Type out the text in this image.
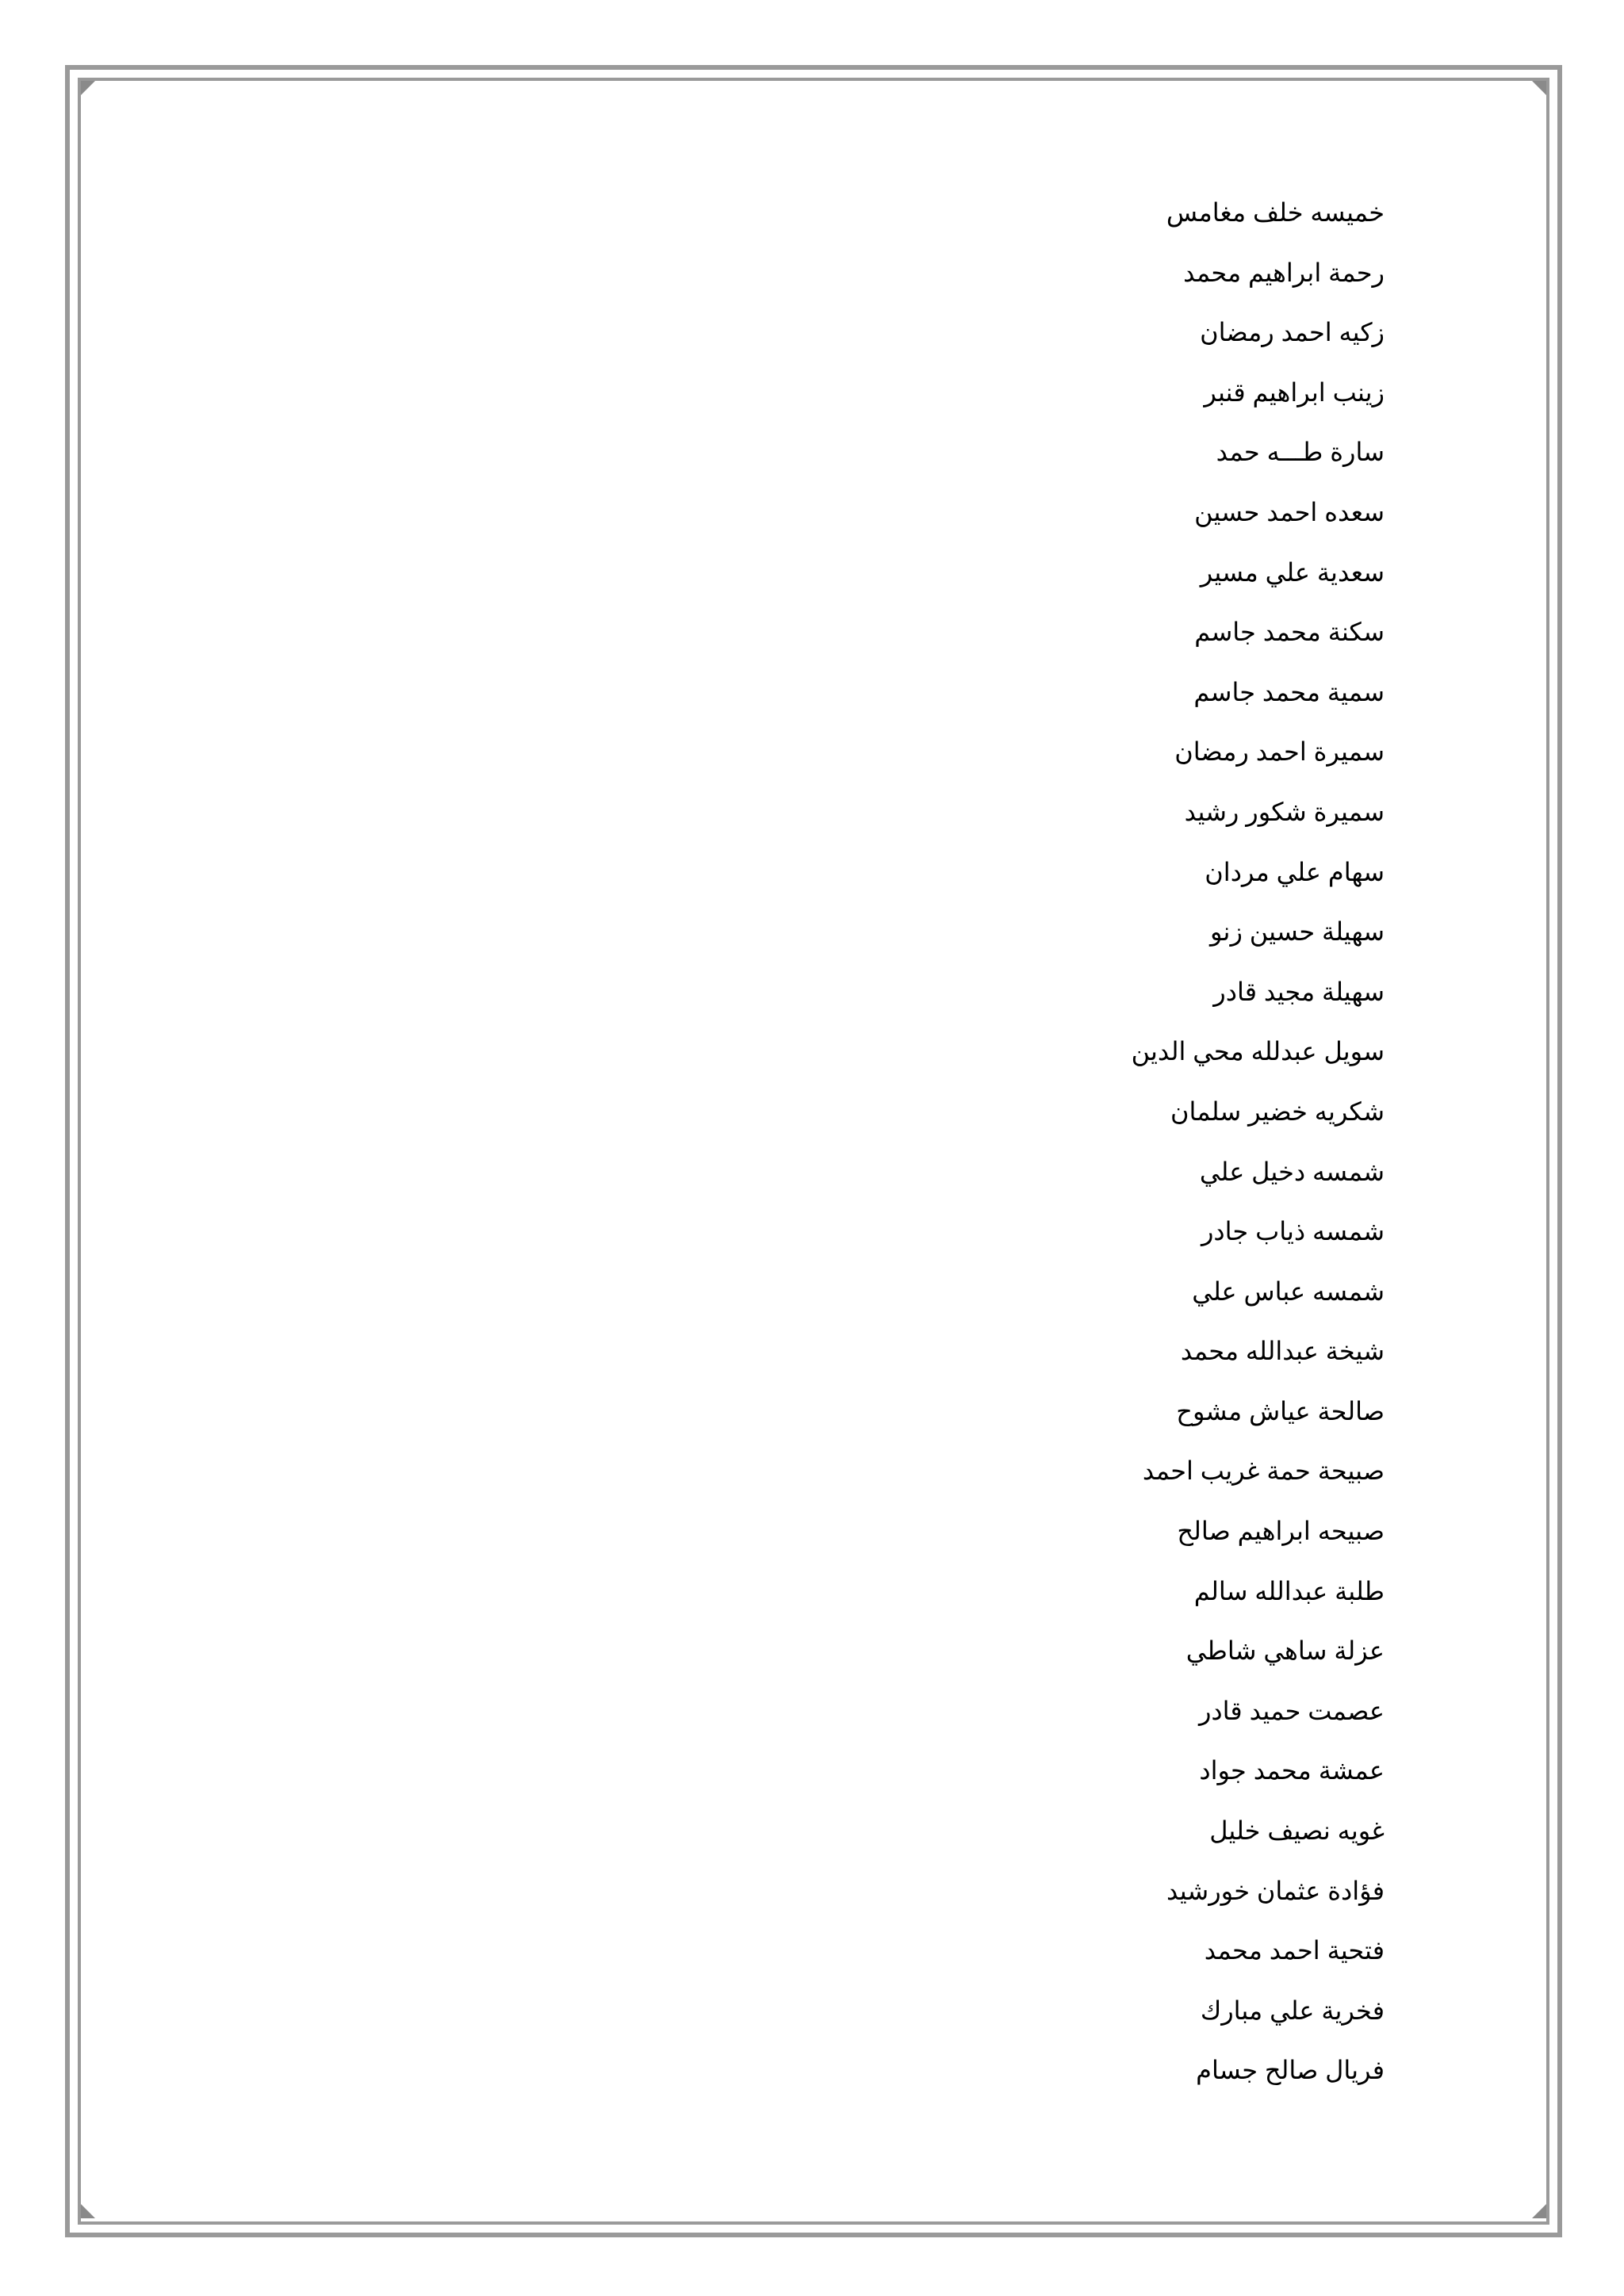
خميسه خلف مغامس
رحمة ابراهيم محمد
زكيه احمد رمضان
زينب ابراهيم قنبر
سارة طـــه حمد
سعده احمد حسين
سعدية علي مسير
سكنة محمد جاسم
سمية محمد جاسم
سميرة احمد رمضان
سميرة شكور رشيد
سهام علي مردان
سهيلة حسين زنو
سهيلة مجيد قادر
سويل عبدلله محي الدين
شكريه خضير سلمان
شمسه دخيل علي
شمسه ذياب جادر
شمسه عباس علي
شيخة عبدالله محمد
صالحة عياش مشوح
صبيحة حمة غريب احمد
صبيحه ابراهيم صالح
طلبة عبدالله سالم
عزلة ساهي شاطي
عصمت حميد قادر
عمشة محمد جواد
غويه نصيف خليل
فؤادة عثمان خورشيد
فتحية احمد محمد
فخرية علي مبارك
فريال صالح جسام
